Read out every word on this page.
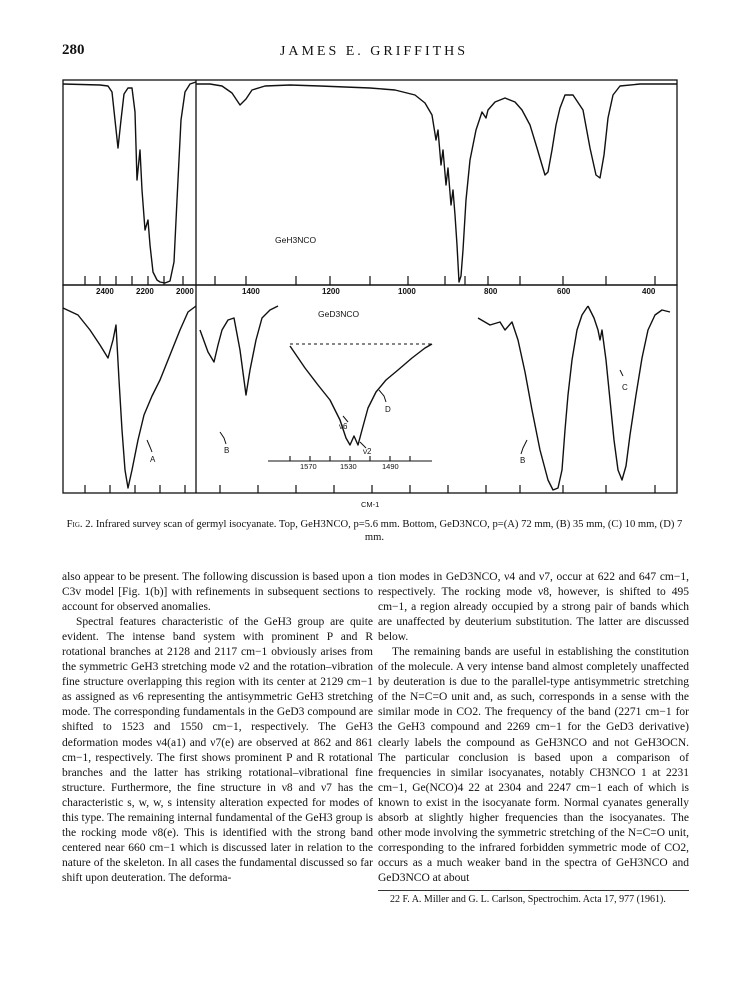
280	JAMES E. GRIFFITHS
GeH3NCO
2400	2200	2000	1400	1200	1000	800	600	400
GeD3NCO
1570	1530	1490
A
B
D
ν6
ν2
B
C
CM-1
Fig. 2. Infrared survey scan of germyl isocyanate. Top, GeH3NCO, p=5.6 mm. Bottom, GeD3NCO, p=(A) 72 mm, (B) 35 mm, (C) 10 mm, (D) 7 mm.

also appear to be present. The following discussion is based upon a C3v model [Fig. 1(b)] with refinements in subsequent sections to account for observed anomalies.

Spectral features characteristic of the GeH3 group are quite evident. The intense band system with prominent P and R rotational branches at 2128 and 2117 cm−1 obviously arises from the symmetric GeH3 stretching mode ν2 and the rotation–vibration fine structure overlapping this region with its center at 2129 cm−1 as assigned as ν6 representing the antisymmetric GeH3 stretching mode. The corresponding fundamentals in the GeD3 compound are shifted to 1523 and 1550 cm−1, respectively. The GeH3 deformation modes ν4(a1) and ν7(e) are observed at 862 and 861 cm−1, respectively. The first shows prominent P and R rotational branches and the latter has striking rotational–vibrational fine structure. Furthermore, the fine structure in ν8 and ν7 has the characteristic s, w, w, s intensity alteration expected for modes of this type. The remaining internal fundamental of the GeH3 group is the rocking mode ν8(e). This is identified with the strong band centered near 660 cm−1 which is discussed later in relation to the nature of the skeleton. In all cases the fundamental discussed so far shift upon deuteration. The deforma-

tion modes in GeD3NCO, ν4 and ν7, occur at 622 and 647 cm−1, respectively. The rocking mode ν8, however, is shifted to 495 cm−1, a region already occupied by a strong pair of bands which are unaffected by deuterium substitution. The latter are discussed below.

The remaining bands are useful in establishing the constitution of the molecule. A very intense band almost completely unaffected by deuteration is due to the parallel-type antisymmetric stretching of the N=C=O unit and, as such, corresponds in a sense with the similar mode in CO2. The frequency of the band (2271 cm−1 for the GeH3 compound and 2269 cm−1 for the GeD3 derivative) clearly labels the compound as GeH3NCO and not GeH3OCN. The particular conclusion is based upon a comparison of frequencies in similar isocyanates, notably CH3NCO 1 at 2231 cm−1, Ge(NCO)4 22 at 2304 and 2247 cm−1 each of which is known to exist in the isocyanate form. Normal cyanates generally absorb at slightly higher frequencies than the isocyanates. The other mode involving the symmetric stretching of the N=C=O unit, corresponding to the infrared forbidden symmetric mode of CO2, occurs as a much weaker band in the spectra of GeH3NCO and GeD3NCO at about

22 F. A. Miller and G. L. Carlson, Spectrochim. Acta 17, 977 (1961).
